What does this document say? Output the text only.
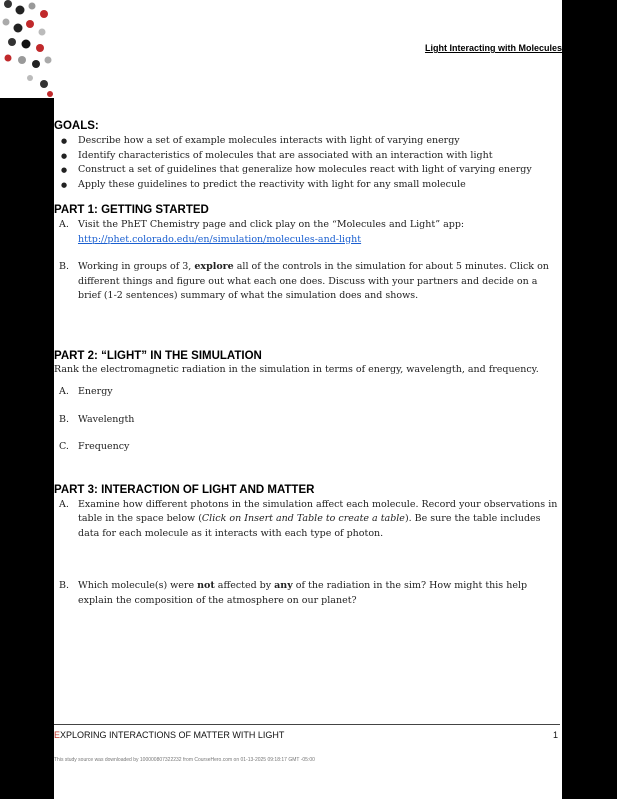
Light Interacting with Molecules
GOALS:
● Describe how a set of example molecules interacts with light of varying energy
● Identify characteristics of molecules that are associated with an interaction with light
● Construct a set of guidelines that generalize how molecules react with light of varying energy
● Apply these guidelines to predict the reactivity with light for any small molecule
PART 1: GETTING STARTED
A. Visit the PhET Chemistry page and click play on the “Molecules and Light” app:
http://phet.colorado.edu/en/simulation/molecules-and-light
B. Working in groups of 3, explore all of the controls in the simulation for about 5 minutes. Click on different things and figure out what each one does. Discuss with your partners and decide on a brief (1-2 sentences) summary of what the simulation does and shows.
PART 2: “LIGHT” IN THE SIMULATION
Rank the electromagnetic radiation in the simulation in terms of energy, wavelength, and frequency.
A. Energy
B. Wavelength
C. Frequency
PART 3: INTERACTION OF LIGHT AND MATTER
A. Examine how different photons in the simulation affect each molecule. Record your observations in table in the space below (Click on Insert and Table to create a table). Be sure the table includes data for each molecule as it interacts with each type of photon.
B. Which molecule(s) were not affected by any of the radiation in the sim? How might this help explain the composition of the atmosphere on our planet?
EXPLORING INTERACTIONS OF MATTER WITH LIGHT	1
This study source was downloaded by 100000807322232 from CourseHero.com on 01-13-2025 09:18:17 GMT -05:00
